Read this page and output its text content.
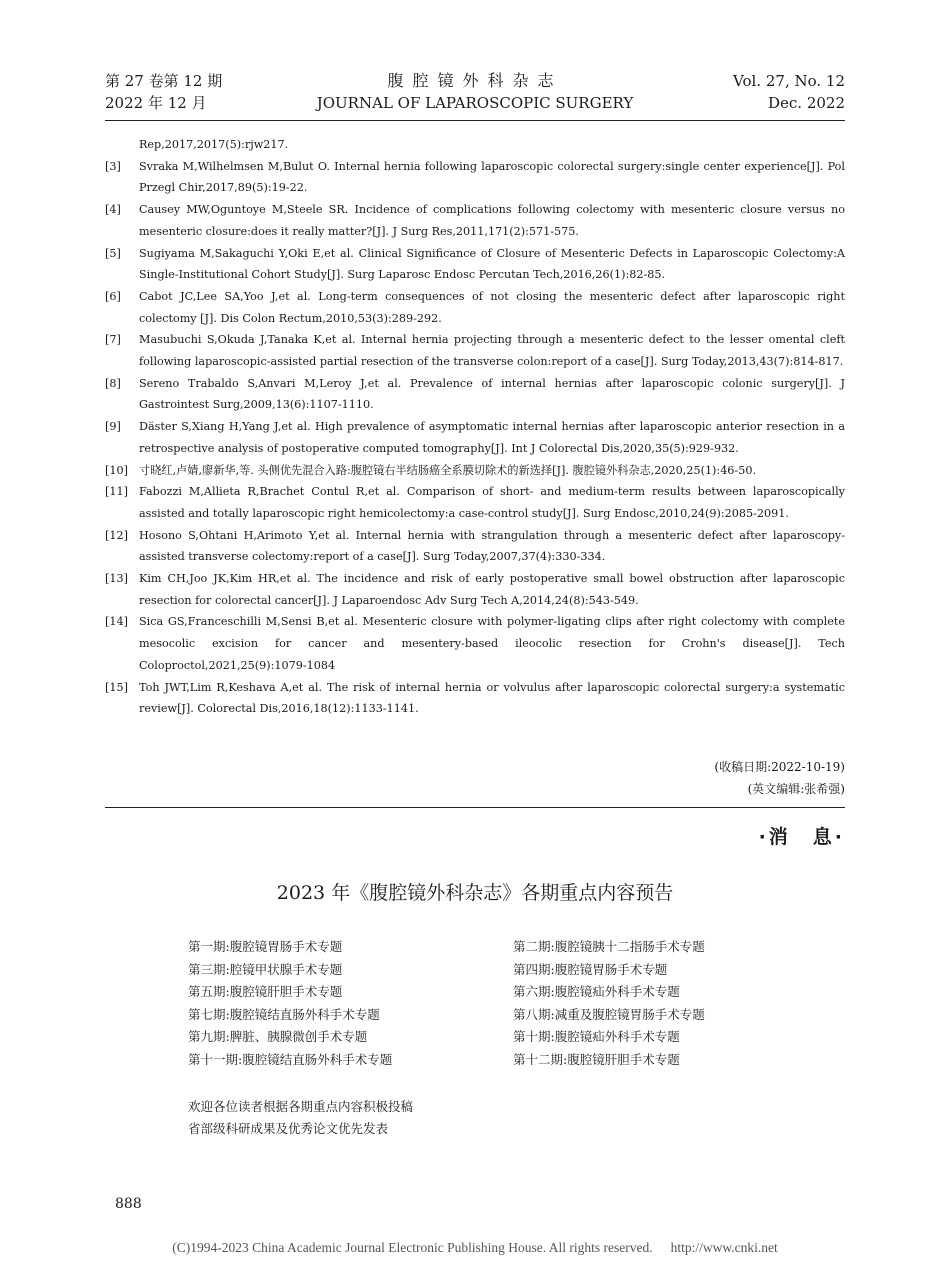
第 27 卷第 12 期
2022 年 12 月
腹腔镜外科杂志
JOURNAL OF LAPAROSCOPIC SURGERY
Vol. 27, No. 12
Dec. 2022
Rep,2017,2017(5):rjw217.
[3] Svraka M,Wilhelmsen M,Bulut O. Internal hernia following laparoscopic colorectal surgery:single center experience[J]. Pol Przegl Chir,2017,89(5):19-22.
[4] Causey MW,Oguntoye M,Steele SR. Incidence of complications following colectomy with mesenteric closure versus no mesenteric closure:does it really matter?[J]. J Surg Res,2011,171(2):571-575.
[5] Sugiyama M,Sakaguchi Y,Oki E,et al. Clinical Significance of Closure of Mesenteric Defects in Laparoscopic Colectomy:A Single-Institutional Cohort Study[J]. Surg Laparosc Endosc Percutan Tech,2016,26(1):82-85.
[6] Cabot JC,Lee SA,Yoo J,et al. Long-term consequences of not closing the mesenteric defect after laparoscopic right colectomy [J]. Dis Colon Rectum,2010,53(3):289-292.
[7] Masubuchi S,Okuda J,Tanaka K,et al. Internal hernia projecting through a mesenteric defect to the lesser omental cleft following laparoscopic-assisted partial resection of the transverse colon:report of a case[J]. Surg Today,2013,43(7):814-817.
[8] Sereno Trabaldo S,Anvari M,Leroy J,et al. Prevalence of internal hernias after laparoscopic colonic surgery[J]. J Gastrointest Surg,2009,13(6):1107-1110.
[9] Däster S,Xiang H,Yang J,et al. High prevalence of asymptomatic internal hernias after laparoscopic anterior resection in a retrospective analysis of postoperative computed tomography[J]. Int J Colorectal Dis,2020,35(5):929-932.
[10] 寸晓红,卢婧,廖新华,等. 头侧优先混合入路:腹腔镜右半结肠癌全系膜切除术的新选择[J]. 腹腔镜外科杂志,2020,25(1):46-50.
[11] Fabozzi M,Allieta R,Brachet Contul R,et al. Comparison of short- and medium-term results between laparoscopically assisted and totally laparoscopic right hemicolectomy:a case-control study[J]. Surg Endosc,2010,24(9):2085-2091.
[12] Hosono S,Ohtani H,Arimoto Y,et al. Internal hernia with strangulation through a mesenteric defect after laparoscopy-assisted transverse colectomy:report of a case[J]. Surg Today,2007,37(4):330-334.
[13] Kim CH,Joo JK,Kim HR,et al. The incidence and risk of early postoperative small bowel obstruction after laparoscopic resection for colorectal cancer[J]. J Laparoendosc Adv Surg Tech A,2014,24(8):543-549.
[14] Sica GS,Franceschilli M,Sensi B,et al. Mesenteric closure with polymer-ligating clips after right colectomy with complete mesocolic excision for cancer and mesentery-based ileocolic resection for Crohn's disease[J]. Tech Coloproctol,2021,25(9):1079-1084
[15] Toh JWT,Lim R,Keshava A,et al. The risk of internal hernia or volvulus after laparoscopic colorectal surgery:a systematic review[J]. Colorectal Dis,2016,18(12):1133-1141.
(收稿日期:2022-10-19)
(英文编辑:张希强)
·消　息·
2023 年《腹腔镜外科杂志》各期重点内容预告
第一期:腹腔镜胃肠手术专题	第二期:腹腔镜胰十二指肠手术专题
第三期:腔镜甲状腺手术专题	第四期:腹腔镜胃肠手术专题
第五期:腹腔镜肝胆手术专题	第六期:腹腔镜疝外科手术专题
第七期:腹腔镜结直肠外科手术专题	第八期:减重及腹腔镜胃肠手术专题
第九期:脾脏、胰腺微创手术专题	第十期:腹腔镜疝外科手术专题
第十一期:腹腔镜结直肠外科手术专题	第十二期:腹腔镜肝胆手术专题
欢迎各位读者根据各期重点内容积极投稿
省部级科研成果及优秀论文优先发表
888
(C)1994-2023 China Academic Journal Electronic Publishing House. All rights reserved. http://www.cnki.net
